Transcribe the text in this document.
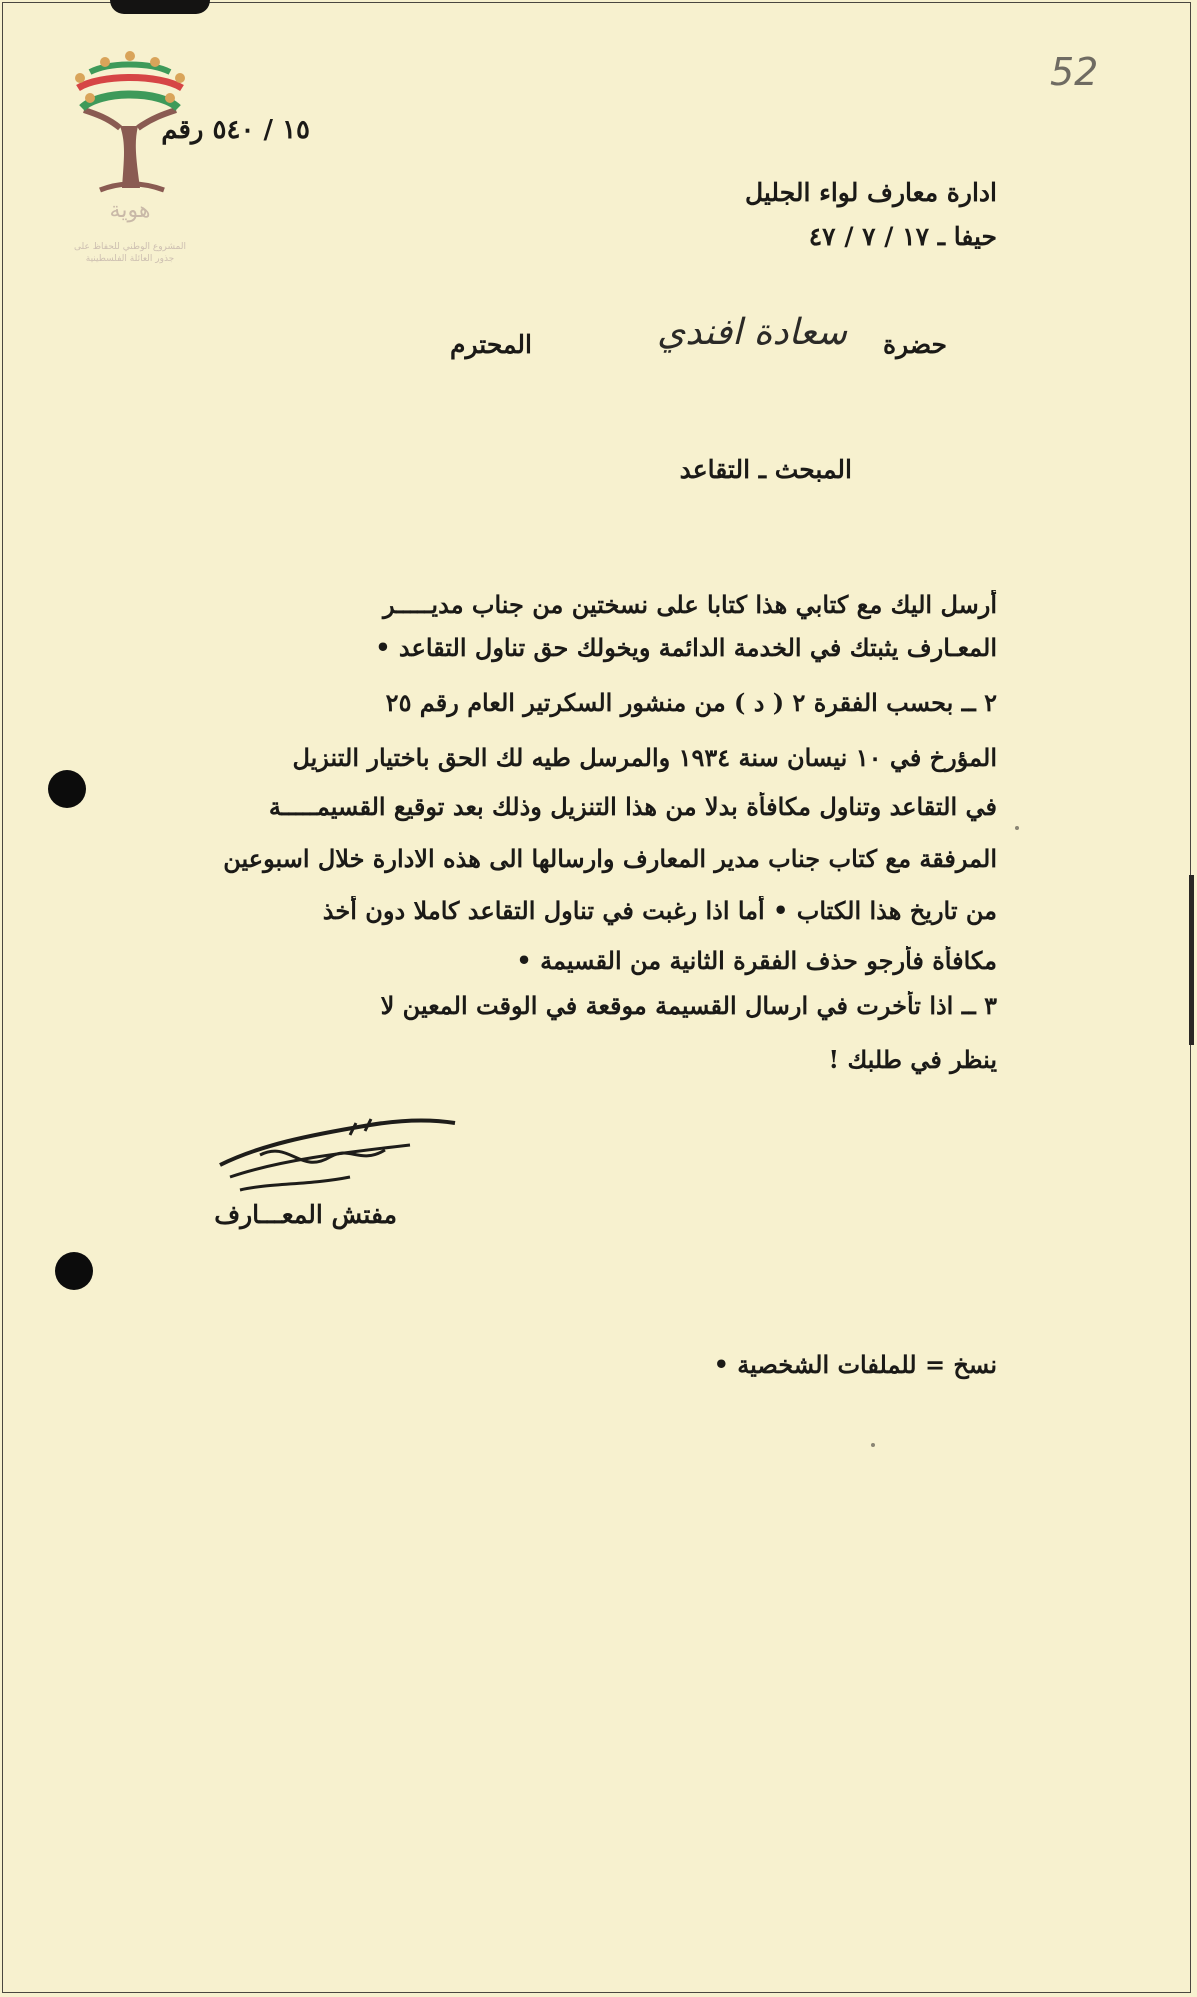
هوية
المشروع الوطني للحفاظ على
جذور العائلة الفلسطينية
52
١٥ / ٥٤٠ رقم
ادارة معارف لواء الجليل
حيفا ـ ١٧ / ٧ / ٤٧
حضرة
سعادة افندي
المحترم
المبحث ـ التقاعد
أرسل اليك مع كتابي هذا كتابا على نسختين من جناب مديـــــر
المعـارف يثبتك في الخدمة الدائمة ويخولك حق تناول التقاعد •
٢ ــ بحسب الفقرة ٢ ( د ) من منشور السكرتير العام رقم ٢٥
المؤرخ في ١٠ نيسان سنة ١٩٣٤ والمرسل طيه لك الحق باختيار التنزيل
في التقاعد وتناول مكافأة بدلا من هذا التنزيل وذلك بعد توقيع القسيمـــــة
المرفقة مع كتاب جناب مدير المعارف وارسالها الى هذه الادارة خلال اسبوعين
من تاريخ هذا الكتاب • أما اذا رغبت في تناول التقاعد كاملا دون أخذ
مكافأة فأرجو حذف الفقرة الثانية من القسيمة •
٣ ــ اذا تأخرت في ارسال القسيمة موقعة في الوقت المعين لا
ينظر في طلبك !
مفتش المعـــارف
نسخ = للملفات الشخصية •
